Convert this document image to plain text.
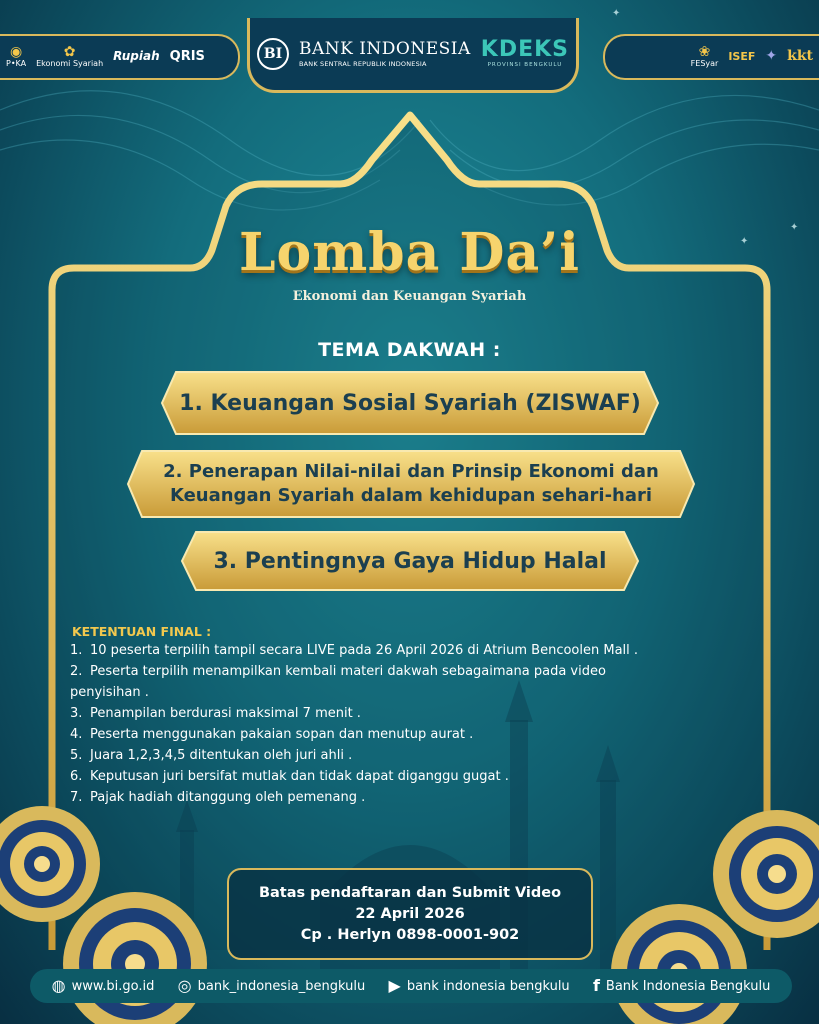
✦
✦
✦
◉
P•KA
✿
Ekonomi Syariah
Rupiah QRIS	BI BANK INDONESIA
BANK SENTRAL REPUBLIK INDONESIA
KDEKS
PROVINSI BENGKULU
❀
FESyar
ISEF ✦ kkt
Lomba Da’i
Ekonomi dan Keuangan Syariah
TEMA DAKWAH :
1. Keuangan Sosial Syariah (ZISWAF)
2. Penerapan Nilai-nilai dan Prinsip Ekonomi dan
Keuangan Syariah dalam kehidupan sehari-hari
3. Pentingnya Gaya Hidup Halal
KETENTUAN FINAL :
1. 10 peserta terpilih tampil secara LIVE pada 26 April 2026 di Atrium Bencoolen Mall .
2. Peserta terpilih menampilkan kembali materi dakwah sebagaimana pada video
penyisihan .
3. Penampilan berdurasi maksimal 7 menit .
4. Peserta menggunakan pakaian sopan dan menutup aurat .
5. Juara 1,2,3,4,5 ditentukan oleh juri ahli .
6. Keputusan juri bersifat mutlak dan tidak dapat diganggu gugat .
7. Pajak hadiah ditanggung oleh pemenang .
Batas pendaftaran dan Submit Video
22 April 2026
Cp . Herlyn 0898-0001-902
◍ www.bi.go.id ◎ bank_indonesia_bengkulu ▶ bank indonesia bengkulu f Bank Indonesia Bengkulu
